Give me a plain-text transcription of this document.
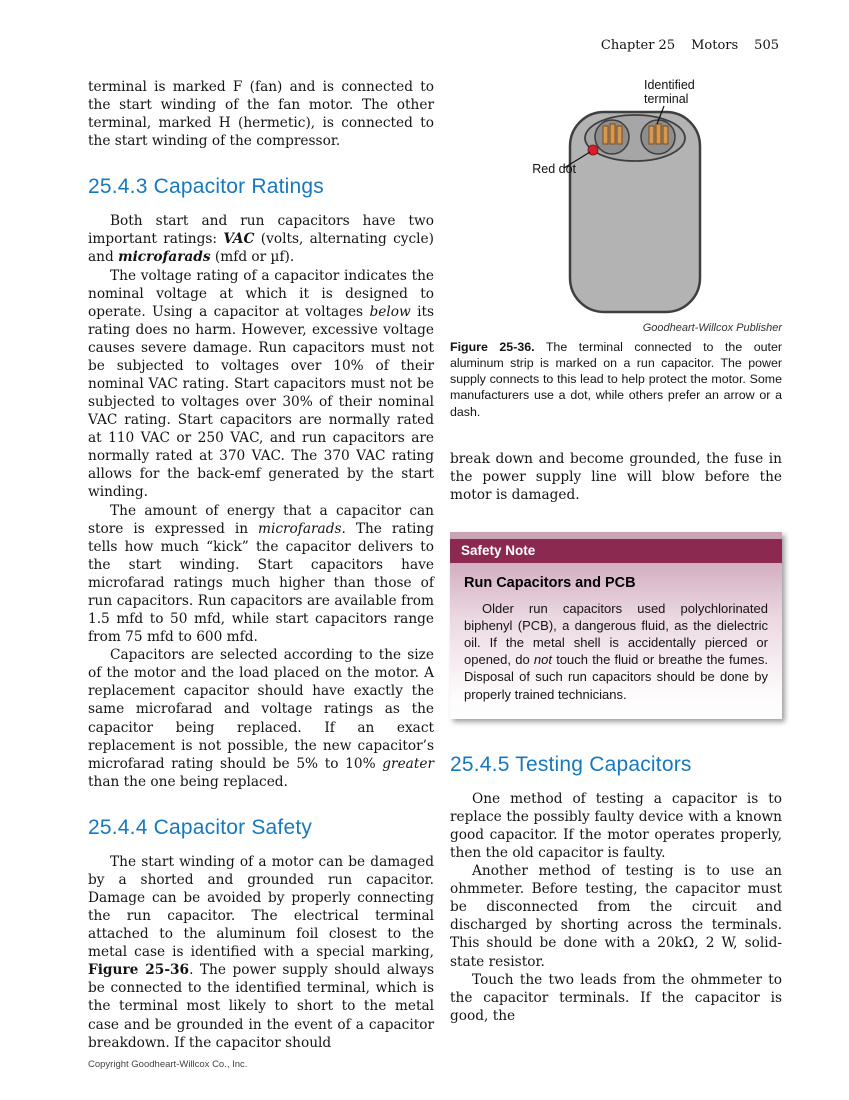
Chapter 25 Motors 505

terminal is marked F (fan) and is connected to the start winding of the fan motor. The other terminal, marked H (hermetic), is connected to the start winding of the compressor.

25.4.3 Capacitor Ratings

Both start and run capacitors have two important ratings: VAC (volts, alternating cycle) and microfarads (mfd or µf).

The voltage rating of a capacitor indicates the nominal voltage at which it is designed to operate. Using a capacitor at voltages below its rating does no harm. However, excessive voltage causes severe damage. Run capacitors must not be subjected to voltages over 10% of their nominal VAC rating. Start capacitors must not be subjected to voltages over 30% of their nominal VAC rating. Start capacitors are normally rated at 110 VAC or 250 VAC, and run capacitors are normally rated at 370 VAC. The 370 VAC rating allows for the back-emf generated by the start winding.

The amount of energy that a capacitor can store is expressed in microfarads. The rating tells how much “kick” the capacitor delivers to the start winding. Start capacitors have microfarad ratings much higher than those of run capacitors. Run capacitors are available from 1.5 mfd to 50 mfd, while start capacitors range from 75 mfd to 600 mfd.

Capacitors are selected according to the size of the motor and the load placed on the motor. A replacement capacitor should have exactly the same microfarad and voltage ratings as the capacitor being replaced. If an exact replacement is not possible, the new capacitor’s microfarad rating should be 5% to 10% greater than the one being replaced.

25.4.4 Capacitor Safety

The start winding of a motor can be damaged by a shorted and grounded run capacitor. Damage can be avoided by properly connecting the run capacitor. The electrical terminal attached to the aluminum foil closest to the metal case is identified with a special marking, Figure 25-36. The power supply should always be connected to the identified terminal, which is the terminal most likely to short to the metal case and be grounded in the event of a capacitor breakdown. If the capacitor should

Identified terminal
Red dot
Goodheart-Willcox Publisher

Figure 25-36. The terminal connected to the outer aluminum strip is marked on a run capacitor. The power supply connects to this lead to help protect the motor. Some manufacturers use a dot, while others prefer an arrow or a dash.

break down and become grounded, the fuse in the power supply line will blow before the motor is damaged.

Safety Note
Run Capacitors and PCB

Older run capacitors used polychlorinated biphenyl (PCB), a dangerous fluid, as the dielectric oil. If the metal shell is accidentally pierced or opened, do not touch the fluid or breathe the fumes. Disposal of such run capacitors should be done by properly trained technicians.

25.4.5 Testing Capacitors

One method of testing a capacitor is to replace the possibly faulty device with a known good capacitor. If the motor operates properly, then the old capacitor is faulty.

Another method of testing is to use an ohmmeter. Before testing, the capacitor must be disconnected from the circuit and discharged by shorting across the terminals. This should be done with a 20kΩ, 2 W, solid-state resistor.

Touch the two leads from the ohmmeter to the capacitor terminals. If the capacitor is good, the

Copyright Goodheart-Willcox Co., Inc.
